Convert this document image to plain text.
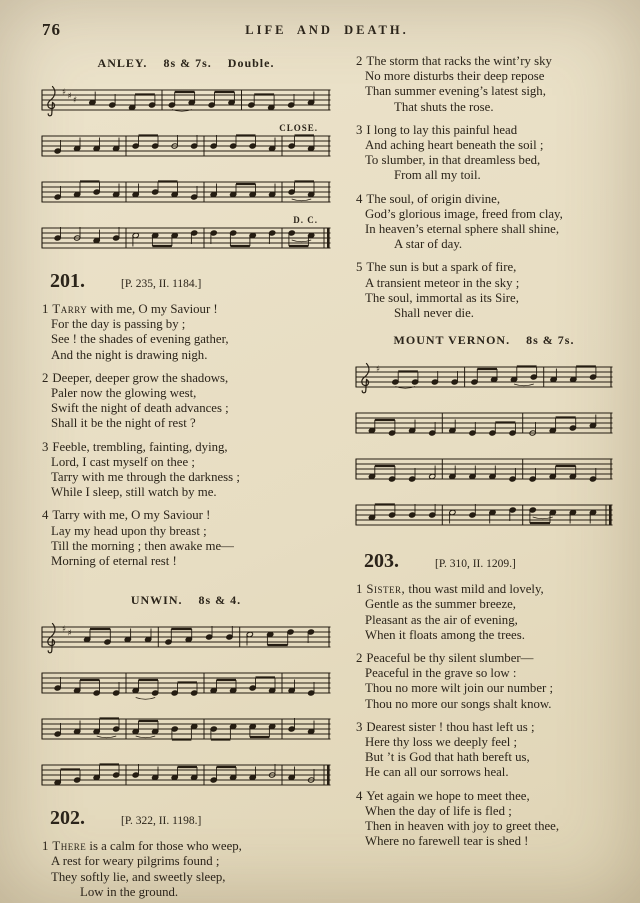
76	LIFE AND DEATH.
ANLEY. 8s & 7s. Double.
♯ ♯ ♯
CLOSE.
D. C.
201.	[P. 235, II. 1184.]
1 Tarry with me, O my Saviour !
For the day is passing by ;
See ! the shades of evening gather,
And the night is drawing nigh.
2 Deeper, deeper grow the shadows,
Paler now the glowing west,
Swift the night of death advances ;
Shall it be the night of rest ?
3 Feeble, trembling, fainting, dying,
Lord, I cast myself on thee ;
Tarry with me through the darkness ;
While I sleep, still watch by me.
4 Tarry with me, O my Saviour !
Lay my head upon thy breast ;
Till the morning ; then awake me—
Morning of eternal rest !
UNWIN. 8s & 4.
♯ ♯
202.	[P. 322, II. 1198.]
1 There is a calm for those who weep,
A rest for weary pilgrims found ;
They softly lie, and sweetly sleep,
Low in the ground.
2 The storm that racks the wint’ry sky
No more disturbs their deep repose
Than summer evening’s latest sigh,
That shuts the rose.
3 I long to lay this painful head
And aching heart beneath the soil ;
To slumber, in that dreamless bed,
From all my toil.
4 The soul, of origin divine,
God’s glorious image, freed from clay,
In heaven’s eternal sphere shall shine,
A star of day.
5 The sun is but a spark of fire,
A transient meteor in the sky ;
The soul, immortal as its Sire,
Shall never die.
MOUNT VERNON. 8s & 7s.
♯
203.	[P. 310, II. 1209.]
1 Sister, thou wast mild and lovely,
Gentle as the summer breeze,
Pleasant as the air of evening,
When it floats among the trees.
2 Peaceful be thy silent slumber—
Peaceful in the grave so low :
Thou no more wilt join our number ;
Thou no more our songs shalt know.
3 Dearest sister ! thou hast left us ;
Here thy loss we deeply feel ;
But ’t is God that hath bereft us,
He can all our sorrows heal.
4 Yet again we hope to meet thee,
When the day of life is fled ;
Then in heaven with joy to greet thee,
Where no farewell tear is shed !
